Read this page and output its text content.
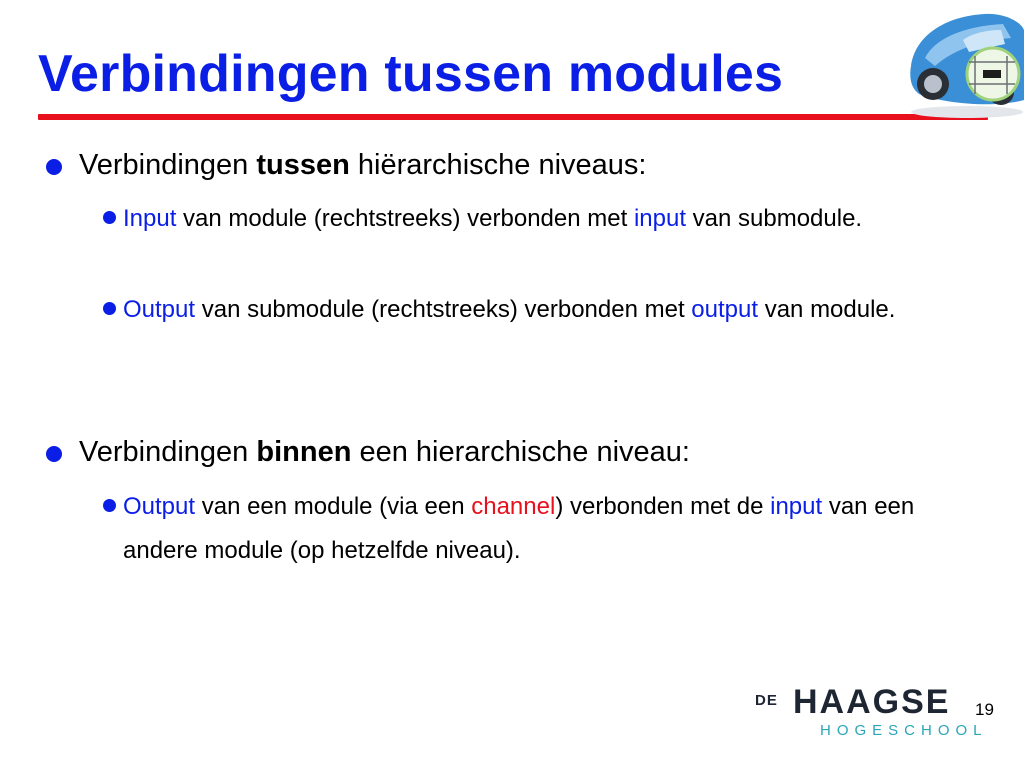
Verbindingen tussen modules
Verbindingen tussen hiërarchische niveaus:
Input van module (rechtstreeks) verbonden met input van submodule.
Output van submodule (rechtstreeks) verbonden met output van module.
Verbindingen binnen een hierarchische niveau:
Output van een module (via een channel) verbonden met de input van een andere module (op hetzelfde niveau).
DE HAAGSE
HOGESCHOOL
19
